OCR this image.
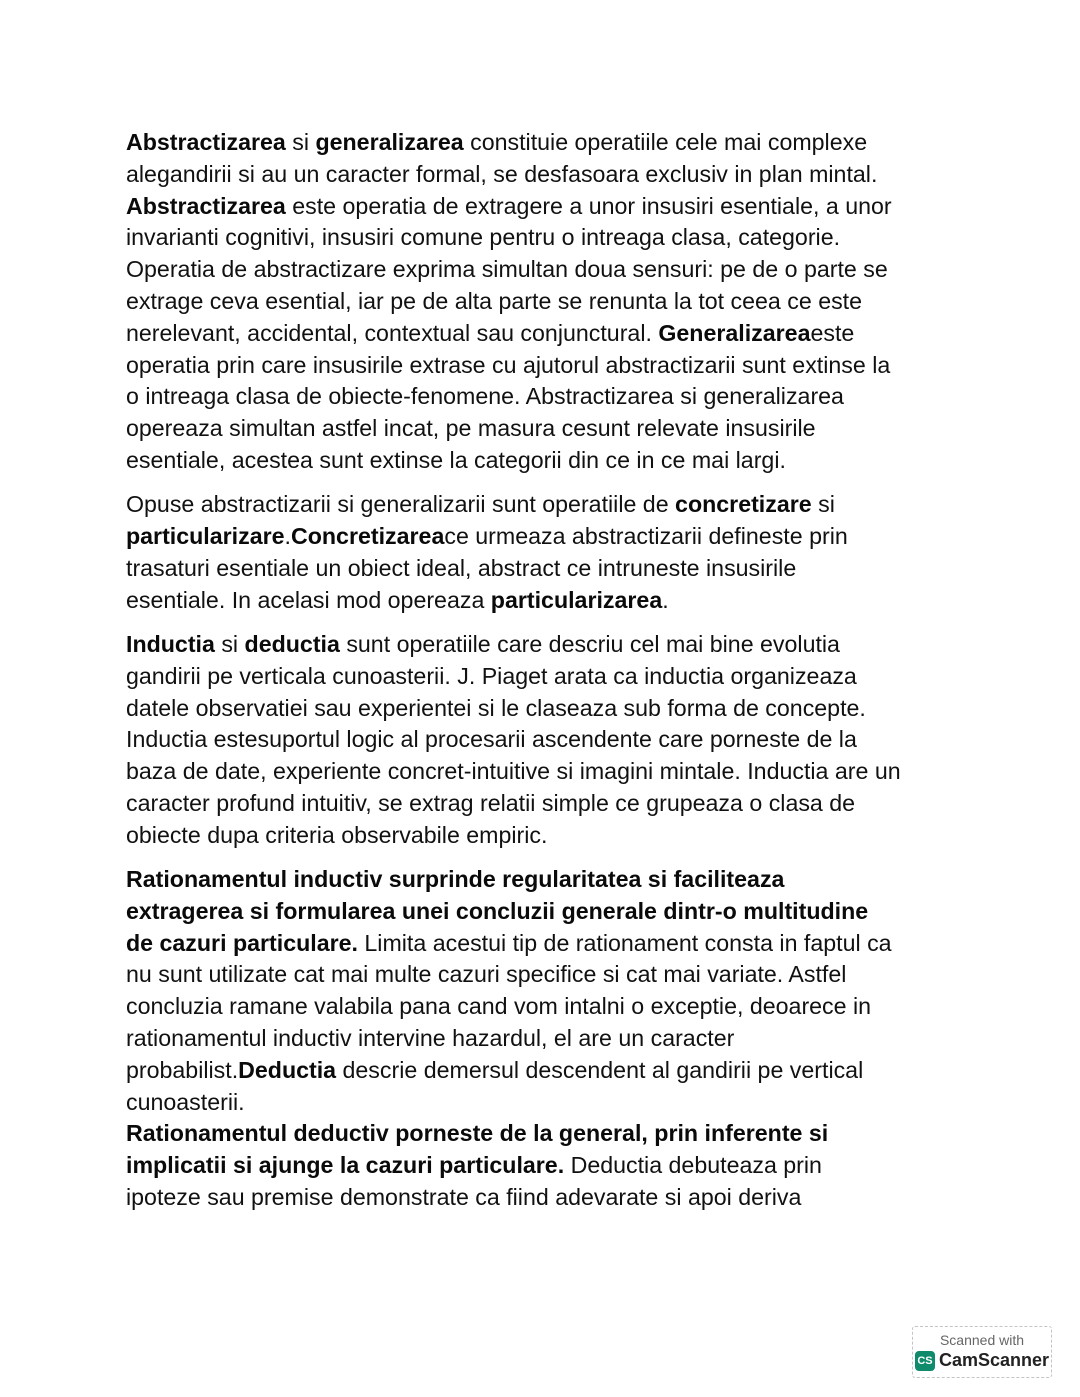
Abstractizarea si generalizarea constituie operatiile cele mai complexe
alegandirii si au un caracter formal, se desfasoara exclusiv in plan mintal.
Abstractizarea este operatia de extragere a unor insusiri esentiale, a unor
invarianti cognitivi, insusiri comune pentru o intreaga clasa, categorie.
Operatia de abstractizare exprima simultan doua sensuri: pe de o parte se
extrage ceva esential, iar pe de alta parte se renunta la tot ceea ce este
nerelevant, accidental, contextual sau conjunctural. Generalizareaeste
operatia prin care insusirile extrase cu ajutorul abstractizarii sunt extinse la
o intreaga clasa de obiecte-fenomene. Abstractizarea si generalizarea
opereaza simultan astfel incat, pe masura cesunt relevate insusirile
esentiale, acestea sunt extinse la categorii din ce in ce mai largi.

Opuse abstractizarii si generalizarii sunt operatiile de concretizare si
particularizare.Concretizareace urmeaza abstractizarii defineste prin
trasaturi esentiale un obiect ideal, abstract ce intruneste insusirile
esentiale. In acelasi mod opereaza particularizarea.

Inductia si deductia sunt operatiile care descriu cel mai bine evolutia
gandirii pe verticala cunoasterii. J. Piaget arata ca inductia organizeaza
datele observatiei sau experientei si le claseaza sub forma de concepte.
Inductia estesuportul logic al procesarii ascendente care porneste de la
baza de date, experiente concret-intuitive si imagini mintale. Inductia are un
caracter profund intuitiv, se extrag relatii simple ce grupeaza o clasa de
obiecte dupa criteria observabile empiric.

Rationamentul inductiv surprinde regularitatea si faciliteaza
extragerea si formularea unei concluzii generale dintr-o multitudine
de cazuri particulare. Limita acestui tip de rationament consta in faptul ca
nu sunt utilizate cat mai multe cazuri specifice si cat mai variate. Astfel
concluzia ramane valabila pana cand vom intalni o exceptie, deoarece in
rationamentul inductiv intervine hazardul, el are un caracter
probabilist.Deductia descrie demersul descendent al gandirii pe vertical
cunoasterii.

Rationamentul deductiv porneste de la general, prin inferente si
implicatii si ajunge la cazuri particulare. Deductia debuteaza prin
ipoteze sau premise demonstrate ca fiind adevarate si apoi deriva

Scanned with
CS CamScanner
